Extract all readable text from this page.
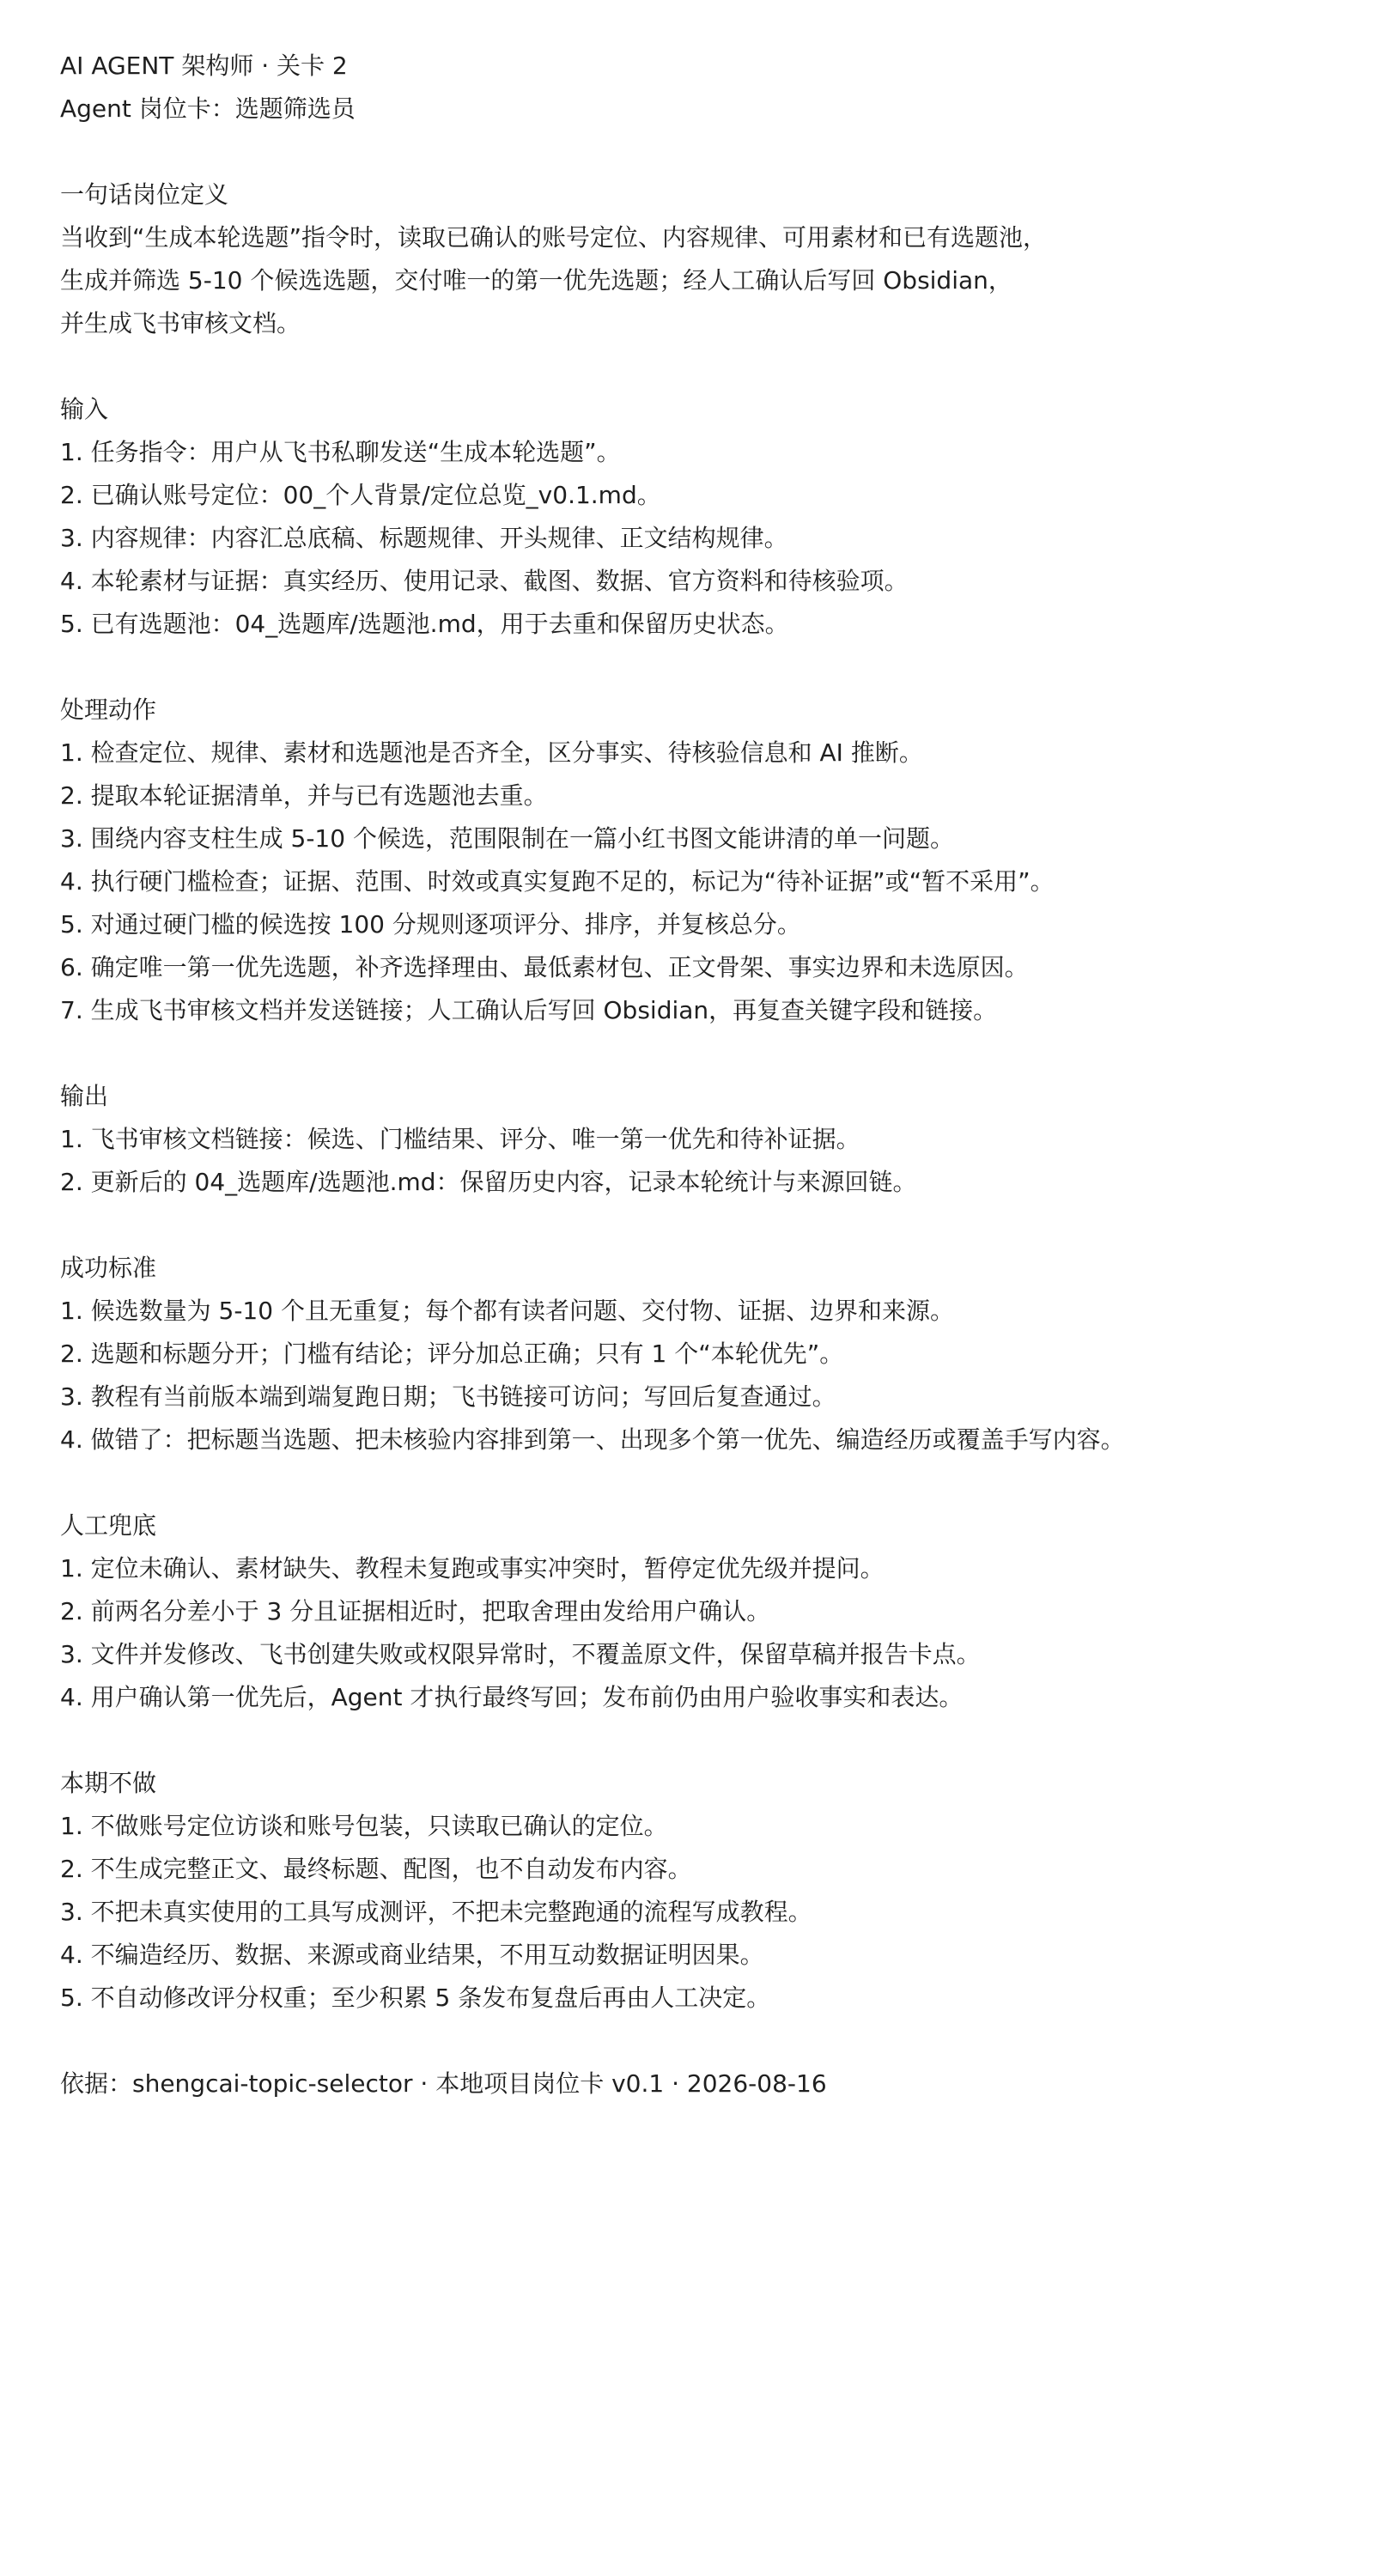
AI AGENT 架构师 · 关卡 2
Agent 岗位卡：选题筛选员
一句话岗位定义
当收到“生成本轮选题”指令时，读取已确认的账号定位、内容规律、可用素材和已有选题池，
生成并筛选 5-10 个候选选题，交付唯一的第一优先选题；经人工确认后写回 Obsidian，
并生成飞书审核文档。
输入
1. 任务指令：用户从飞书私聊发送“生成本轮选题”。
2. 已确认账号定位：00_个人背景/定位总览_v0.1.md。
3. 内容规律：内容汇总底稿、标题规律、开头规律、正文结构规律。
4. 本轮素材与证据：真实经历、使用记录、截图、数据、官方资料和待核验项。
5. 已有选题池：04_选题库/选题池.md，用于去重和保留历史状态。
处理动作
1. 检查定位、规律、素材和选题池是否齐全，区分事实、待核验信息和 AI 推断。
2. 提取本轮证据清单，并与已有选题池去重。
3. 围绕内容支柱生成 5-10 个候选，范围限制在一篇小红书图文能讲清的单一问题。
4. 执行硬门槛检查；证据、范围、时效或真实复跑不足的，标记为“待补证据”或“暂不采用”。
5. 对通过硬门槛的候选按 100 分规则逐项评分、排序，并复核总分。
6. 确定唯一第一优先选题，补齐选择理由、最低素材包、正文骨架、事实边界和未选原因。
7. 生成飞书审核文档并发送链接；人工确认后写回 Obsidian，再复查关键字段和链接。
输出
1. 飞书审核文档链接：候选、门槛结果、评分、唯一第一优先和待补证据。
2. 更新后的 04_选题库/选题池.md：保留历史内容，记录本轮统计与来源回链。
成功标准
1. 候选数量为 5-10 个且无重复；每个都有读者问题、交付物、证据、边界和来源。
2. 选题和标题分开；门槛有结论；评分加总正确；只有 1 个“本轮优先”。
3. 教程有当前版本端到端复跑日期；飞书链接可访问；写回后复查通过。
4. 做错了：把标题当选题、把未核验内容排到第一、出现多个第一优先、编造经历或覆盖手写内容。
人工兜底
1. 定位未确认、素材缺失、教程未复跑或事实冲突时，暂停定优先级并提问。
2. 前两名分差小于 3 分且证据相近时，把取舍理由发给用户确认。
3. 文件并发修改、飞书创建失败或权限异常时，不覆盖原文件，保留草稿并报告卡点。
4. 用户确认第一优先后，Agent 才执行最终写回；发布前仍由用户验收事实和表达。
本期不做
1. 不做账号定位访谈和账号包装，只读取已确认的定位。
2. 不生成完整正文、最终标题、配图，也不自动发布内容。
3. 不把未真实使用的工具写成测评，不把未完整跑通的流程写成教程。
4. 不编造经历、数据、来源或商业结果，不用互动数据证明因果。
5. 不自动修改评分权重；至少积累 5 条发布复盘后再由人工决定。
依据：shengcai-topic-selector · 本地项目岗位卡 v0.1 · 2026-08-16
